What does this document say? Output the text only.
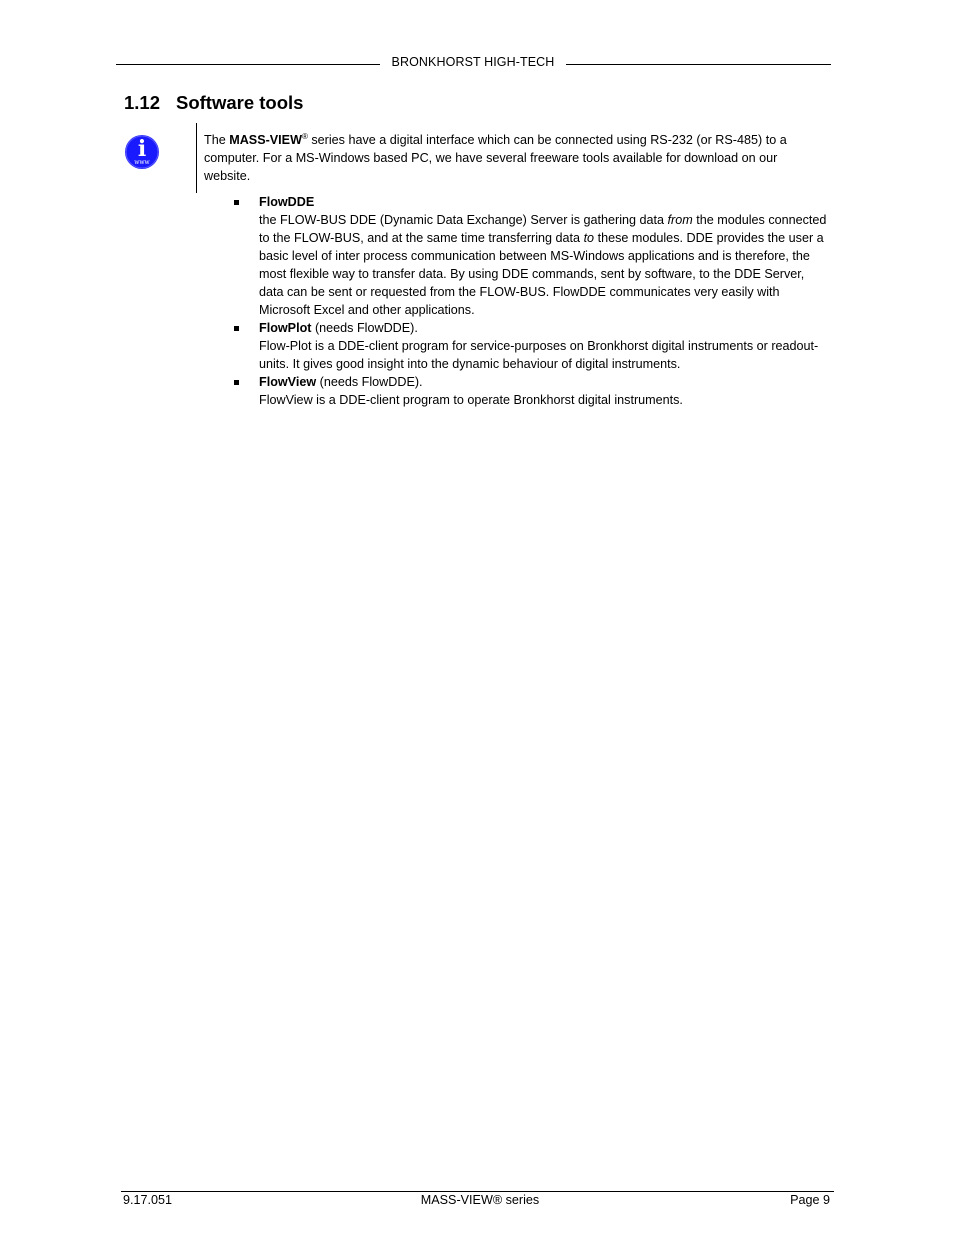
BRONKHORST HIGH-TECH
1.12 Software tools
i
www

The MASS-VIEW® series have a digital interface which can be connected using RS-232 (or RS-485) to a computer. For a MS-Windows based PC, we have several freeware tools available for download on our website.

FlowDDE
the FLOW-BUS DDE (Dynamic Data Exchange) Server is gathering data from the modules connected to the FLOW-BUS, and at the same time transferring data to these modules. DDE provides the user a basic level of inter process communication between MS-Windows applications and is therefore, the most flexible way to transfer data. By using DDE commands, sent by software, to the DDE Server, data can be sent or requested from the FLOW-BUS. FlowDDE communicates very easily with Microsoft Excel and other applications.
FlowPlot (needs FlowDDE).
Flow-Plot is a DDE-client program for service-purposes on Bronkhorst digital instruments or readout-units. It gives good insight into the dynamic behaviour of digital instruments.
FlowView (needs FlowDDE).
FlowView is a DDE-client program to operate Bronkhorst digital instruments.
9.17.051	MASS-VIEW® series	Page 9
